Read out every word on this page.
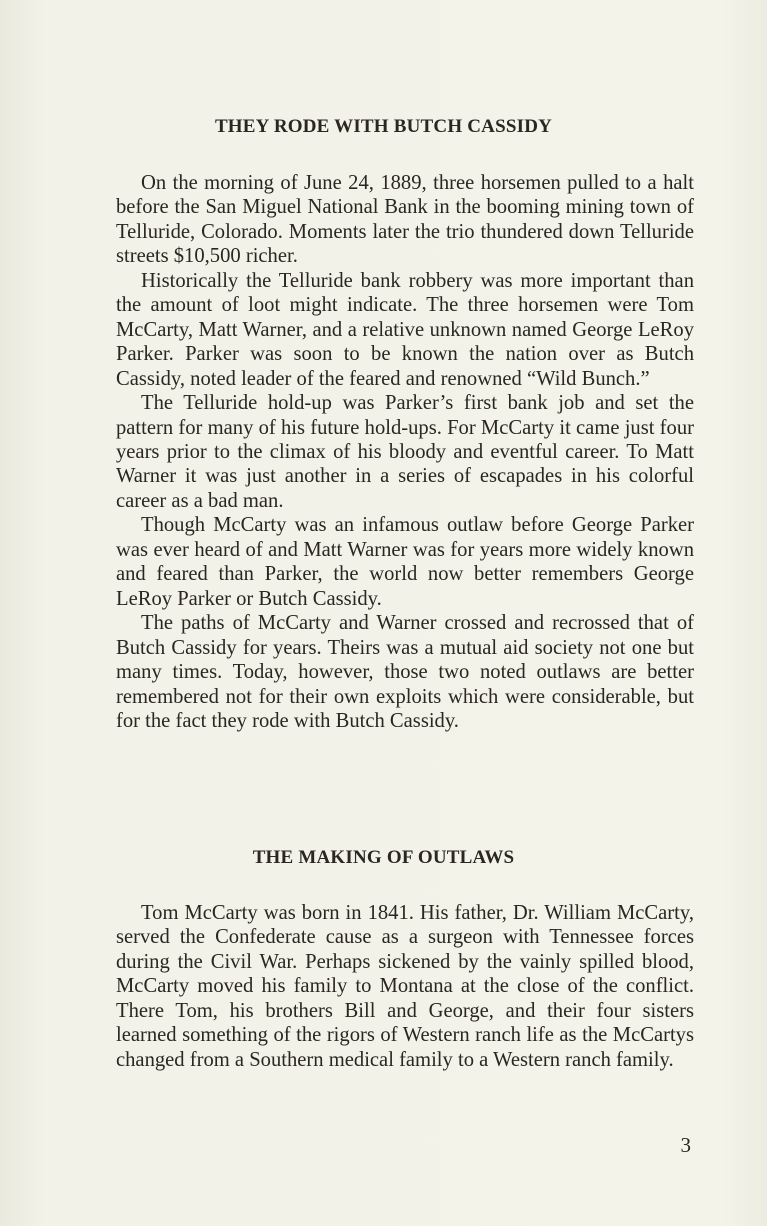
THEY RODE WITH BUTCH CASSIDY

On the morning of June 24, 1889, three horsemen pulled to a halt before the San Miguel National Bank in the booming mining town of Telluride, Colorado. Moments later the trio thundered down Telluride streets $10,500 richer.

Historically the Telluride bank robbery was more important than the amount of loot might indicate. The three horsemen were Tom McCarty, Matt Warner, and a relative unknown named George LeRoy Parker. Parker was soon to be known the nation over as Butch Cassidy, noted leader of the feared and renowned “Wild Bunch.”

The Telluride hold-up was Parker’s first bank job and set the pattern for many of his future hold-ups. For McCarty it came just four years prior to the climax of his bloody and eventful career. To Matt Warner it was just another in a series of escapades in his colorful career as a bad man.

Though McCarty was an infamous outlaw before George Parker was ever heard of and Matt Warner was for years more widely known and feared than Parker, the world now better remembers George LeRoy Parker or Butch Cassidy.

The paths of McCarty and Warner crossed and recrossed that of Butch Cassidy for years. Theirs was a mutual aid society not one but many times. Today, however, those two noted outlaws are better remembered not for their own exploits which were considerable, but for the fact they rode with Butch Cassidy.

THE MAKING OF OUTLAWS

Tom McCarty was born in 1841. His father, Dr. William McCarty, served the Confederate cause as a surgeon with Tennessee forces during the Civil War. Perhaps sickened by the vainly spilled blood, McCarty moved his family to Montana at the close of the conflict. There Tom, his brothers Bill and George, and their four sisters learned something of the rigors of Western ranch life as the McCartys changed from a Southern medical family to a Western ranch family.

3
